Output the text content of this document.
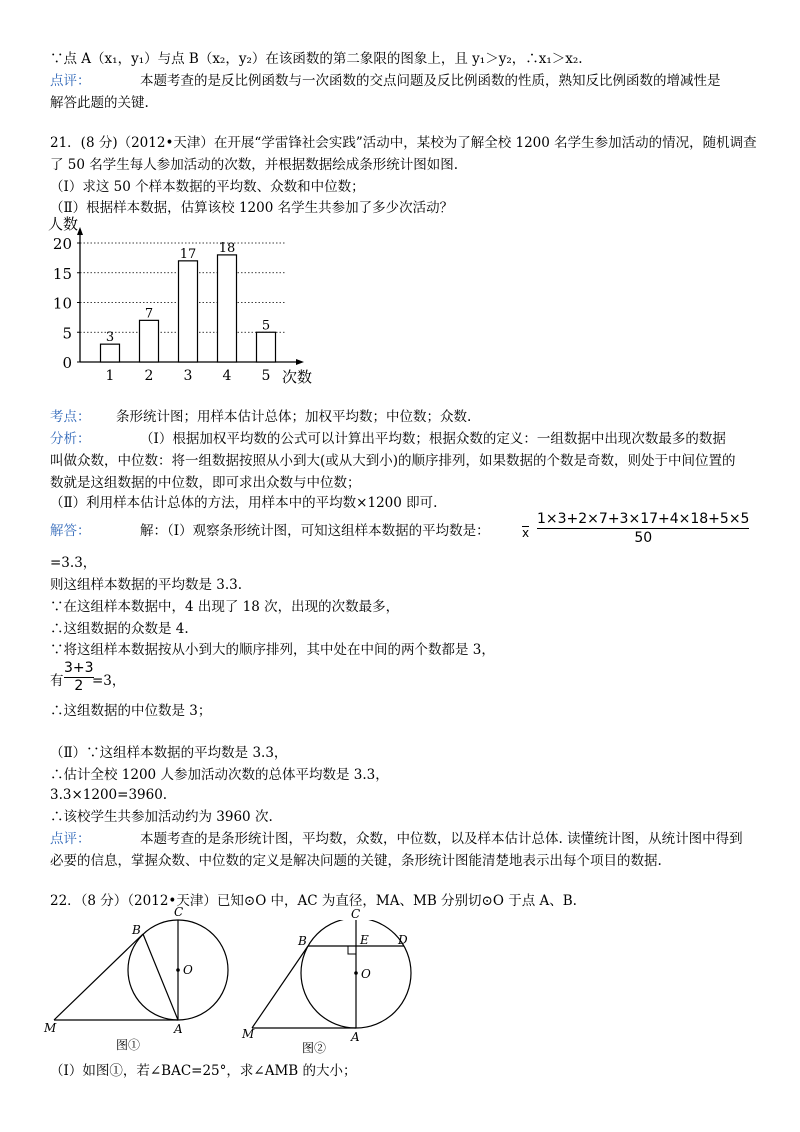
∵点 A（x₁，y₁）与点 B（x₂，y₂）在该函数的第二象限的图象上，且 y₁＞y₂，∴x₁＞x₂.
点评：	本题考查的是反比例函数与一次函数的交点问题及反比例函数的性质，熟知反比例函数的增减性是
解答此题的关键.
21．(8 分)（2012•天津）在开展“学雷锋社会实践”活动中，某校为了解全校 1200 名学生参加活动的情况，随机调查
了 50 名学生每人参加活动的次数，并根据数据绘成条形统计图如图.
（Ⅰ）求这 50 个样本数据的平均数、众数和中位数；
（Ⅱ）根据样本数据，估算该校 1200 名学生共参加了多少次活动？
0
5
10
15
20
人数
次数
3
1
7
2
17
3
18
4
5
5
考点： 条形统计图；用样本估计总体；加权平均数；中位数；众数.
分析：	（Ⅰ）根据加权平均数的公式可以计算出平均数；根据众数的定义：一组数据中出现次数最多的数据
叫做众数，中位数：将一组数据按照从小到大(或从大到小)的顺序排列，如果数据的个数是奇数，则处于中间位置的
数就是这组数据的中位数，即可求出众数与中位数；
（Ⅱ）利用样本估计总体的方法，用样本中的平均数×1200 即可.
解答：	解：（Ⅰ）观察条形统计图，可知这组样本数据的平均数是：	x $\frac{1\times 3+2\times 7+3\times 17+4\times 18+5\times 5}{50}$
=3.3，
则这组样本数据的平均数是 3.3.
∵在这组样本数据中，4 出现了 18 次，出现的次数最多，
∴这组数据的众数是 4.
∵将这组样本数据按从小到大的顺序排列，其中处在中间的两个数都是 3，
有 $\frac{3+3}{2}$
=3，
∴这组数据的中位数是 3；
（Ⅱ）∵这组样本数据的平均数是 3.3，
∴估计全校 1200 人参加活动次数的总体平均数是 3.3，
3.3×1200=3960.
∴该校学生共参加活动约为 3960 次.
点评：	本题考查的是条形统计图，平均数，众数，中位数，以及样本估计总体. 读懂统计图，从统计图中得到
必要的信息，掌握众数、中位数的定义是解决问题的关键，条形统计图能清楚地表示出每个项目的数据.
22．（8 分）（2012•天津）已知⊙O 中，AC 为直径，MA、MB 分别切⊙O 于点 A、B.
C
B
O
M	A
图①
B	E D
O
M	A
图②
C
（Ⅰ）如图①，若∠BAC=25°，求∠AMB 的大小；
